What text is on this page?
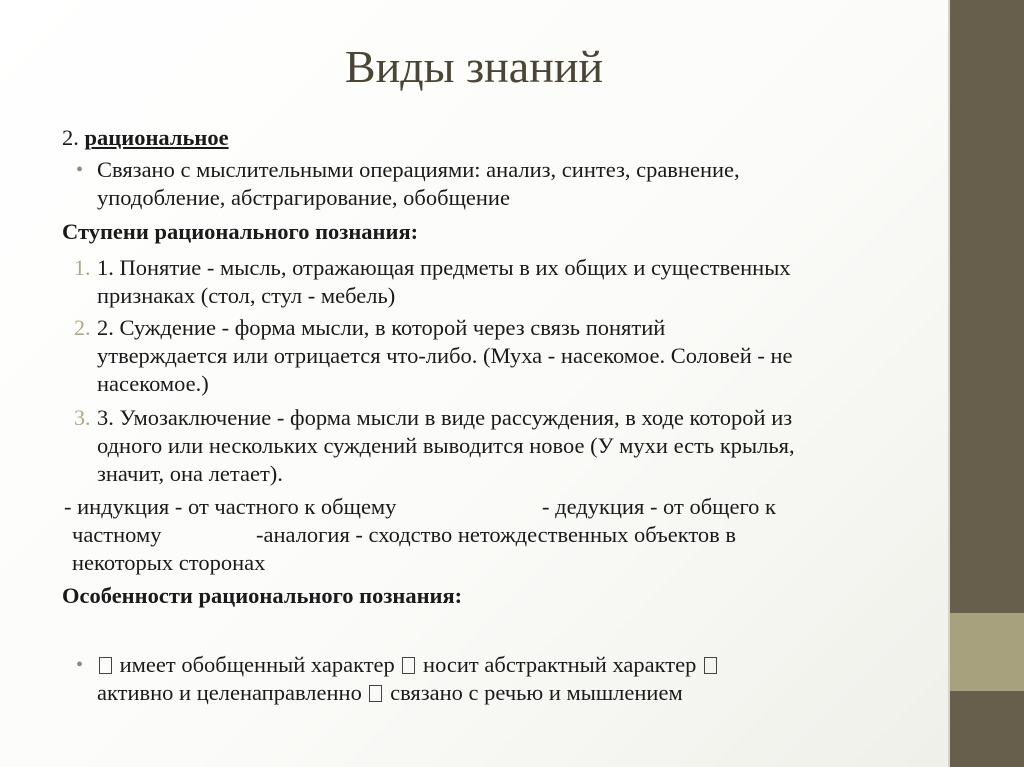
Виды знаний
2. рациональное
• Связано с мыслительными операциями: анализ, синтез, сравнение,
уподобление, абстрагирование, обобщение
Ступени рационального познания:
1. 1. Понятие - мысль, отражающая предметы в их общих и существенных
признаках (стол, стул - мебель)
2. 2. Суждение - форма мысли, в которой через связь понятий
утверждается или отрицается что-либо. (Муха - насекомое. Соловей - не
насекомое.)
3. 3. Умозаключение - форма мысли в виде рассуждения, в ходе которой из
одного или нескольких суждений выводится новое (У мухи есть крылья,
значит, она летает).
- индукция - от частного к общему	- дедукция - от общего к
частному	-аналогия - сходство нетождественных объектов в
некоторых сторонах
Особенности рационального познания:
•	имеет обобщенный характер носит абстрактный характер
активно и целенаправленно связано с речью и мышлением
